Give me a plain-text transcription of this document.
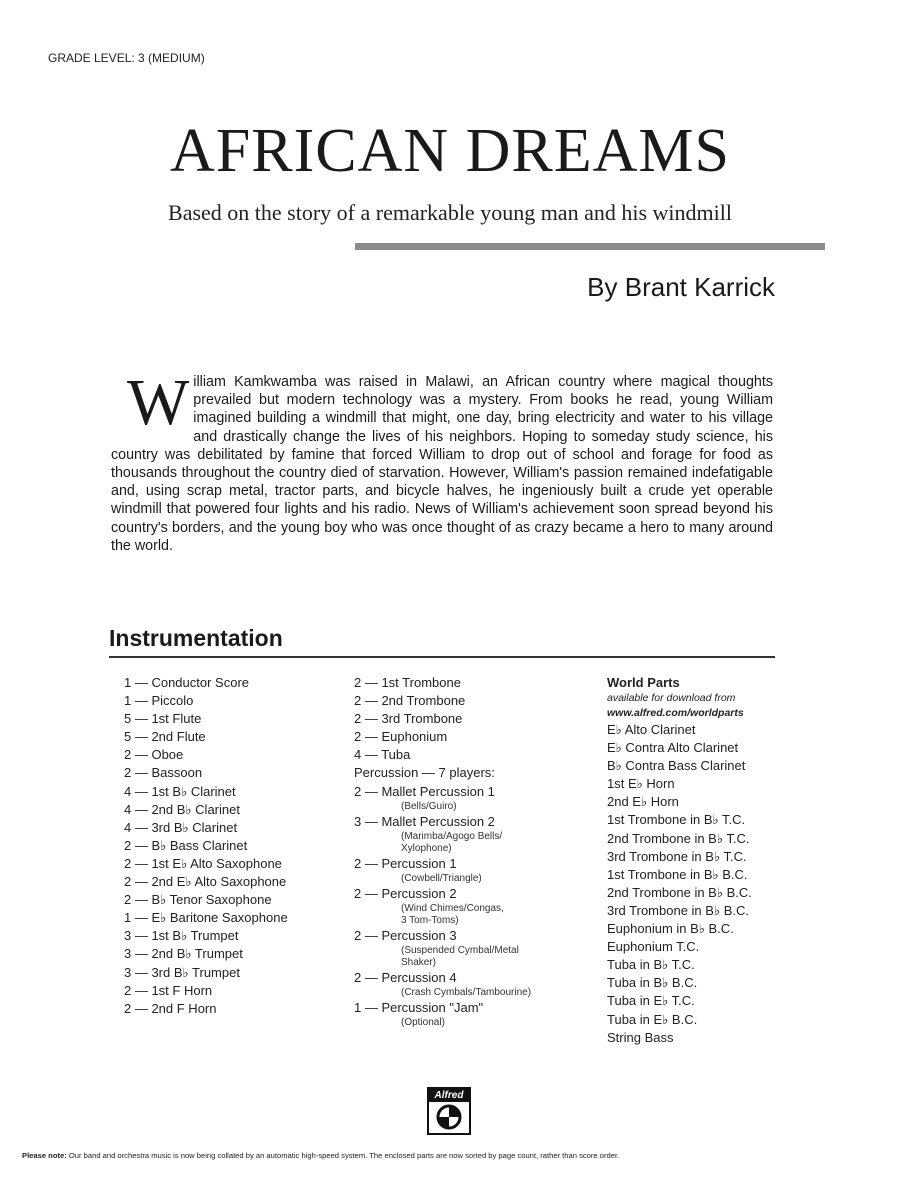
GRADE LEVEL: 3 (MEDIUM)
AFRICAN DREAMS
Based on the story of a remarkable young man and his windmill
By Brant Karrick
William Kamkwamba was raised in Malawi, an African country where magical thoughts prevailed but modern technology was a mystery. From books he read, young William imagined building a windmill that might, one day, bring electricity and water to his village and drastically change the lives of his neighbors. Hoping to someday study science, his country was debilitated by famine that forced William to drop out of school and forage for food as thousands throughout the country died of starvation. However, William's passion remained indefatigable and, using scrap metal, tractor parts, and bicycle halves, he ingeniously built a crude yet operable windmill that powered four lights and his radio. News of William's achievement soon spread beyond his country's borders, and the young boy who was once thought of as crazy became a hero to many around the world.
Instrumentation
1 — Conductor Score
1 — Piccolo
5 — 1st Flute
5 — 2nd Flute
2 — Oboe
2 — Bassoon
4 — 1st B♭ Clarinet
4 — 2nd B♭ Clarinet
4 — 3rd B♭ Clarinet
2 — B♭ Bass Clarinet
2 — 1st E♭ Alto Saxophone
2 — 2nd E♭ Alto Saxophone
2 — B♭ Tenor Saxophone
1 — E♭ Baritone Saxophone
3 — 1st B♭ Trumpet
3 — 2nd B♭ Trumpet
3 — 3rd B♭ Trumpet
2 — 1st F Horn
2 — 2nd F Horn
2 — 1st Trombone
2 — 2nd Trombone
2 — 3rd Trombone
2 — Euphonium
4 — Tuba
Percussion — 7 players:
2 — Mallet Percussion 1
(Bells/Guiro)
3 — Mallet Percussion 2
(Marimba/Agogo Bells/
Xylophone)
2 — Percussion 1
(Cowbell/Triangle)
2 — Percussion 2
(Wind Chimes/Congas,
3 Tom-Toms)
2 — Percussion 3
(Suspended Cymbal/Metal
Shaker)
2 — Percussion 4
(Crash Cymbals/Tambourine)
1 — Percussion "Jam"
(Optional)
World Parts
available for download from
www.alfred.com/worldparts
E♭ Alto Clarinet
E♭ Contra Alto Clarinet
B♭ Contra Bass Clarinet
1st E♭ Horn
2nd E♭ Horn
1st Trombone in B♭ T.C.
2nd Trombone in B♭ T.C.
3rd Trombone in B♭ T.C.
1st Trombone in B♭ B.C.
2nd Trombone in B♭ B.C.
3rd Trombone in B♭ B.C.
Euphonium in B♭ B.C.
Euphonium T.C.
Tuba in B♭ T.C.
Tuba in B♭ B.C.
Tuba in E♭ T.C.
Tuba in E♭ B.C.
String Bass
Alfred
Please note: Our band and orchestra music is now being collated by an automatic high-speed system. The enclosed parts are now sorted by page count, rather than score order.
